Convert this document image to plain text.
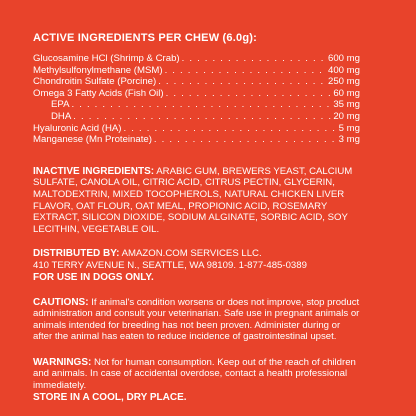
ACTIVE INGREDIENTS PER CHEW (6.0g):
Glucosamine HCl (Shrimp & Crab) . . .	600 mg
Methylsulfonylmethane (MSM) . . .	400 mg
Chondroitin Sulfate (Porcine) . . .	250 mg
Omega 3 Fatty Acids (Fish Oil) . . .	60 mg
EPA . . .	35 mg
DHA . . .	20 mg
Hyaluronic Acid (HA) . . .	5 mg
Manganese (Mn Proteinate) . . .	3 mg

INACTIVE INGREDIENTS: ARABIC GUM, BREWERS YEAST, CALCIUM SULFATE, CANOLA OIL, CITRIC ACID, CITRUS PECTIN, GLYCERIN, MALTODEXTRIN, MIXED TOCOPHEROLS, NATURAL CHICKEN LIVER FLAVOR, OAT FLOUR, OAT MEAL, PROPIONIC ACID, ROSEMARY EXTRACT, SILICON DIOXIDE, SODIUM ALGINATE, SORBIC ACID, SOY LECITHIN, VEGETABLE OIL.

DISTRIBUTED BY: AMAZON.COM SERVICES LLC.
410 TERRY AVENUE N., SEATTLE, WA 98109. 1-877-485-0389

FOR USE IN DOGS ONLY.

CAUTIONS: If animal's condition worsens or does not improve, stop product administration and consult your veterinarian. Safe use in pregnant animals or animals intended for breeding has not been proven. Administer during or after the animal has eaten to reduce incidence of gastrointestinal upset.

WARNINGS: Not for human consumption. Keep out of the reach of children and animals. In case of accidental overdose, contact a health professional immediately.

STORE IN A COOL, DRY PLACE.
